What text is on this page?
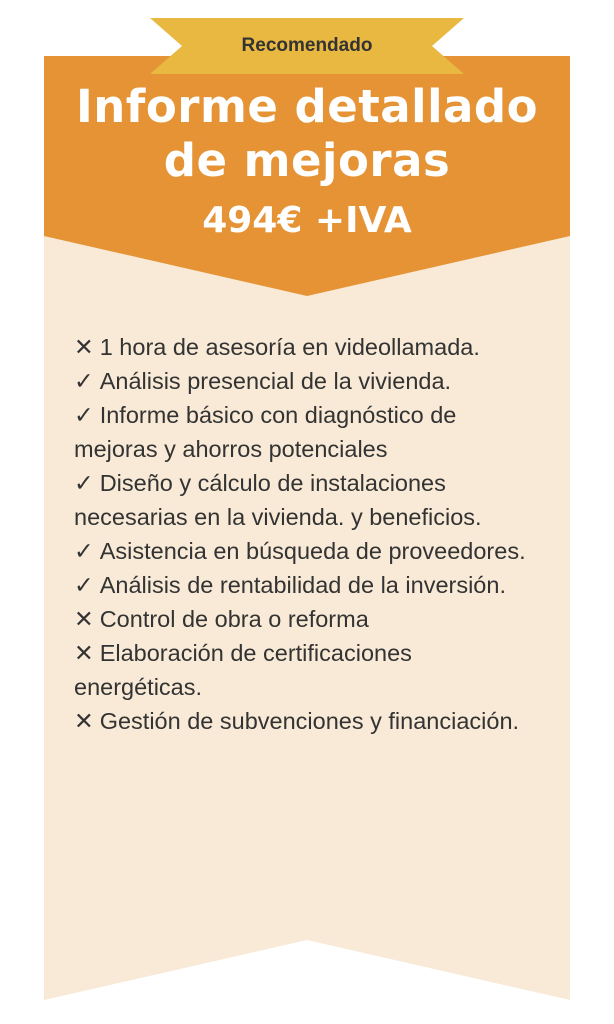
Recomendado
Informe detallado de mejoras
494€ +IVA
✕ 1 hora de asesoría en videollamada.
✓ Análisis presencial de la vivienda.
✓ Informe básico con diagnóstico de mejoras y ahorros potenciales
✓ Diseño y cálculo de instalaciones necesarias en la vivienda. y beneficios.
✓ Asistencia en búsqueda de proveedores.
✓ Análisis de rentabilidad de la inversión.
✕ Control de obra o reforma
✕ Elaboración de certificaciones energéticas.
✕ Gestión de subvenciones y financiación.
